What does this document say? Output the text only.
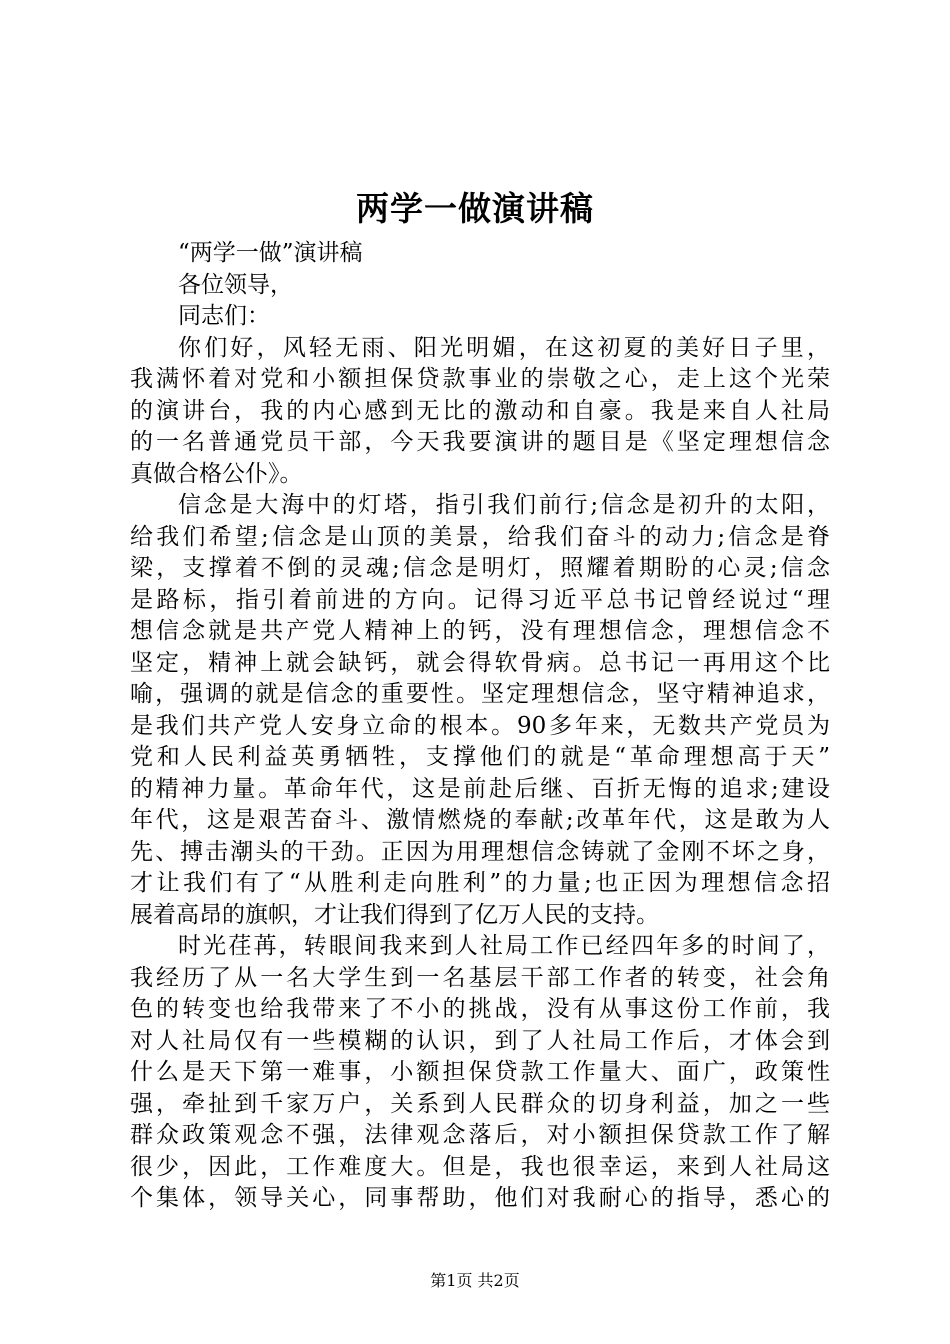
两学一做演讲稿
“两学一做”演讲稿
各位领导，
同志们：
你们好，风轻无雨、阳光明媚，在这初夏的美好日子里，
我满怀着对党和小额担保贷款事业的崇敬之心，走上这个光荣
的演讲台，我的内心感到无比的激动和自豪。我是来自人社局
的一名普通党员干部，今天我要演讲的题目是《坚定理想信念
真做合格公仆》。
信念是大海中的灯塔，指引我们前行;信念是初升的太阳，
给我们希望;信念是山顶的美景，给我们奋斗的动力;信念是脊
梁，支撑着不倒的灵魂;信念是明灯，照耀着期盼的心灵;信念
是路标，指引着前进的方向。记得习近平总书记曾经说过“理
想信念就是共产党人精神上的钙，没有理想信念，理想信念不
坚定，精神上就会缺钙，就会得软骨病。总书记一再用这个比
喻，强调的就是信念的重要性。坚定理想信念，坚守精神追求，
是我们共产党人安身立命的根本。90多年来，无数共产党员为
党和人民利益英勇牺牲，支撑他们的就是“革命理想高于天”
的精神力量。革命年代，这是前赴后继、百折无悔的追求;建设
年代，这是艰苦奋斗、激情燃烧的奉献;改革年代，这是敢为人
先、搏击潮头的干劲。正因为用理想信念铸就了金刚不坏之身，
才让我们有了“从胜利走向胜利”的力量;也正因为理想信念招
展着高昂的旗帜，才让我们得到了亿万人民的支持。
时光荏苒，转眼间我来到人社局工作已经四年多的时间了，
我经历了从一名大学生到一名基层干部工作者的转变，社会角
色的转变也给我带来了不小的挑战，没有从事这份工作前，我
对人社局仅有一些模糊的认识，到了人社局工作后，才体会到
什么是天下第一难事，小额担保贷款工作量大、面广，政策性
强，牵扯到千家万户，关系到人民群众的切身利益，加之一些
群众政策观念不强，法律观念落后，对小额担保贷款工作了解
很少，因此，工作难度大。但是，我也很幸运，来到人社局这
个集体，领导关心，同事帮助，他们对我耐心的指导，悉心的
第1页 共2页
